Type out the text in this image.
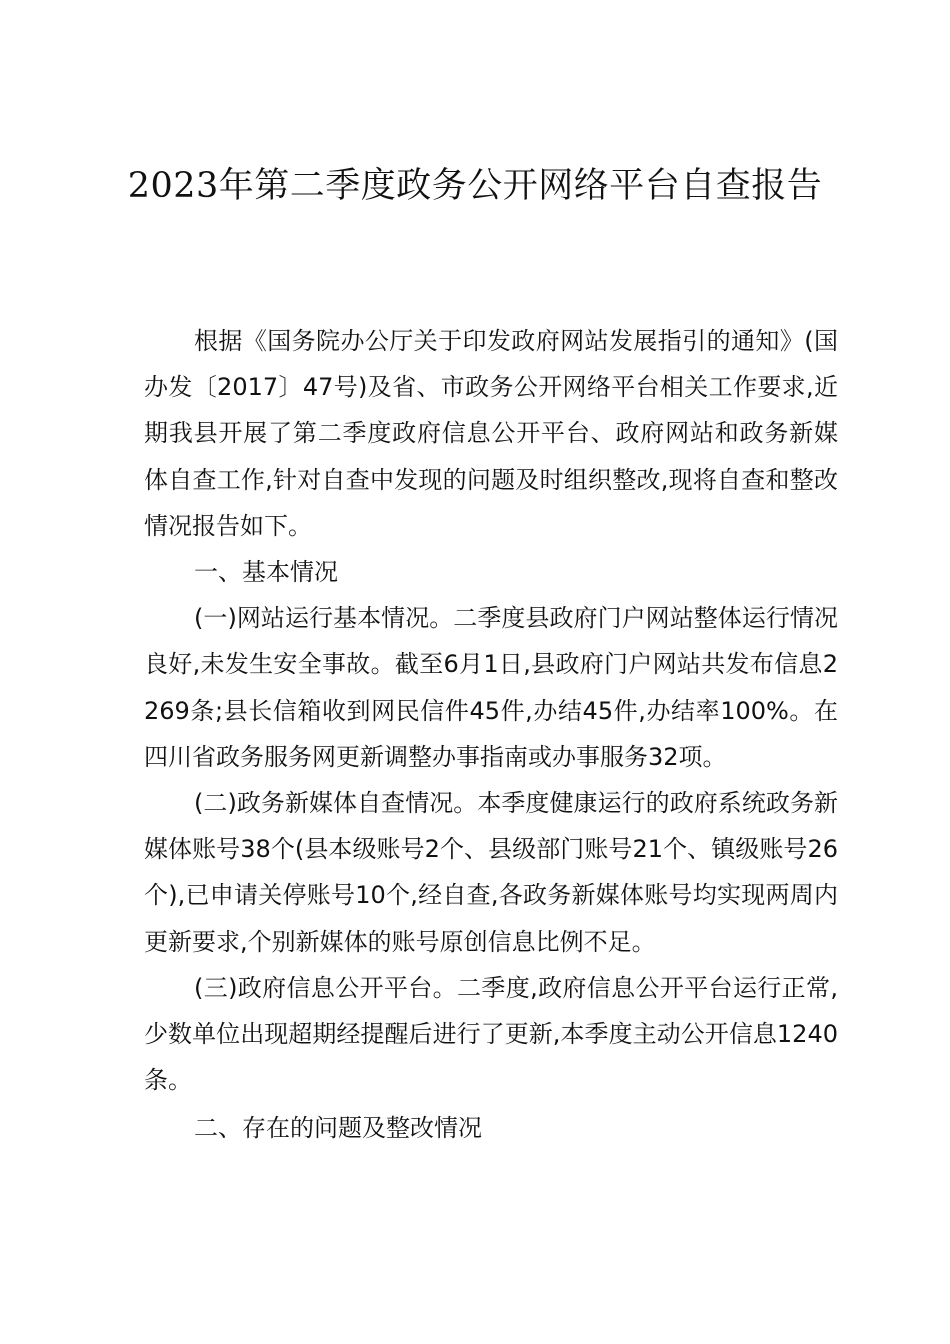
2023年第二季度政务公开网络平台自查报告

根据《国务院办公厅关于印发政府网站发展指引的通知》(国办发〔2017〕47号)及省、市政务公开网络平台相关工作要求,近期我县开展了第二季度政府信息公开平台、政府网站和政务新媒体自查工作,针对自查中发现的问题及时组织整改,现将自查和整改情况报告如下。

一、基本情况

(一)网站运行基本情况。二季度县政府门户网站整体运行情况良好,未发生安全事故。截至6月1日,县政府门户网站共发布信息2269条;县长信箱收到网民信件45件,办结45件,办结率100%。在四川省政务服务网更新调整办事指南或办事服务32项。

(二)政务新媒体自查情况。本季度健康运行的政府系统政务新媒体账号38个(县本级账号2个、县级部门账号21个、镇级账号26个),已申请关停账号10个,经自查,各政务新媒体账号均实现两周内更新要求,个别新媒体的账号原创信息比例不足。

(三)政府信息公开平台。二季度,政府信息公开平台运行正常,少数单位出现超期经提醒后进行了更新,本季度主动公开信息1240条。

二、存在的问题及整改情况
